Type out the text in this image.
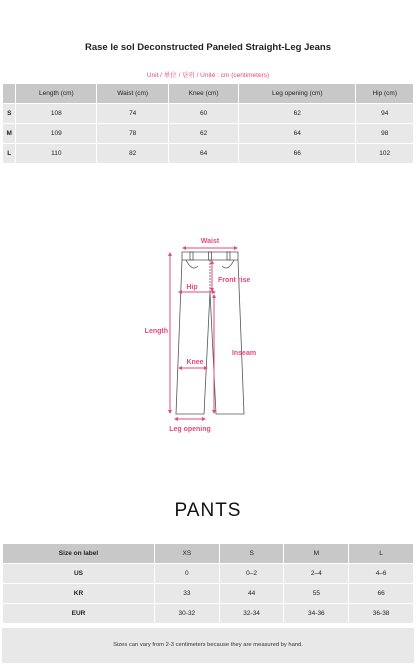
Rase le sol Deconstructed Paneled Straight-Leg Jeans
Unit / 単位 / 단위 / Unité : cm (centimeters)
	Length (cm)	Waist (cm)	Knee (cm)	Leg opening (cm)	Hip (cm)
S	108	74	60	62	94
M	109	78	62	64	98
L	110	82	64	66	102
Waist
Hip
Front rise
Length
Inseam
Knee
Leg opening
PANTS
Size on label	XS	S	M	L
US	0	0–2	2–4	4–6
KR	33	44	55	66
EUR	30-32	32-34	34-36	36-38
Sizes can vary from 2-3 centimeters because they are measured by hand.
